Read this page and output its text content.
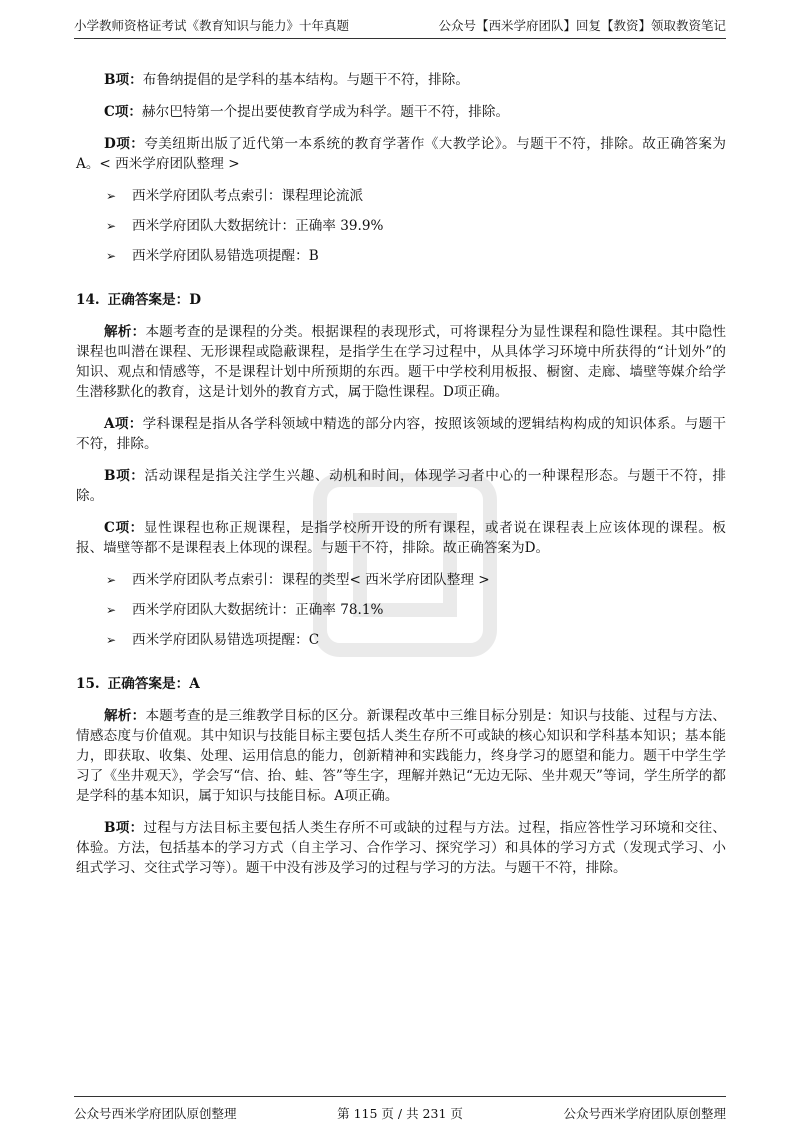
小学教师资格证考试《教育知识与能力》十年真题	公众号【西米学府团队】回复【教资】领取教资笔记

B项：布鲁纳提倡的是学科的基本结构。与题干不符，排除。

C项：赫尔巴特第一个提出要使教育学成为科学。题干不符，排除。

D项：夸美纽斯出版了近代第一本系统的教育学著作《大教学论》。与题干不符，排除。故正确答案为A。< 西米学府团队整理 >

➢ 西米学府团队考点索引：课程理论流派
➢ 西米学府团队大数据统计：正确率 39.9%
➢ 西米学府团队易错选项提醒：B
14. 正确答案是：D

解析：本题考查的是课程的分类。根据课程的表现形式，可将课程分为显性课程和隐性课程。其中隐性课程也叫潜在课程、无形课程或隐蔽课程，是指学生在学习过程中，从具体学习环境中所获得的“计划外”的知识、观点和情感等，不是课程计划中所预期的东西。题干中学校利用板报、橱窗、走廊、墙壁等媒介给学生潜移默化的教育，这是计划外的教育方式，属于隐性课程。D项正确。

A项：学科课程是指从各学科领域中精选的部分内容，按照该领域的逻辑结构构成的知识体系。与题干不符，排除。

B项：活动课程是指关注学生兴趣、动机和时间，体现学习者中心的一种课程形态。与题干不符，排除。

C项：显性课程也称正规课程，是指学校所开设的所有课程，或者说在课程表上应该体现的课程。板报、墙壁等都不是课程表上体现的课程。与题干不符，排除。故正确答案为D。

➢ 西米学府团队考点索引：课程的类型< 西米学府团队整理 >
➢ 西米学府团队大数据统计：正确率 78.1%
➢ 西米学府团队易错选项提醒：C
15. 正确答案是：A

解析：本题考查的是三维教学目标的区分。新课程改革中三维目标分别是：知识与技能、过程与方法、情感态度与价值观。其中知识与技能目标主要包括人类生存所不可或缺的核心知识和学科基本知识；基本能力，即获取、收集、处理、运用信息的能力，创新精神和实践能力，终身学习的愿望和能力。题干中学生学习了《坐井观天》，学会写“信、抬、蛙、答”等生字，理解并熟记“无边无际、坐井观天”等词，学生所学的都是学科的基本知识，属于知识与技能目标。A项正确。

B项：过程与方法目标主要包括人类生存所不可或缺的过程与方法。过程，指应答性学习环境和交往、体验。方法，包括基本的学习方式（自主学习、合作学习、探究学习）和具体的学习方式（发现式学习、小组式学习、交往式学习等）。题干中没有涉及学习的过程与学习的方法。与题干不符，排除。

公众号西米学府团队原创整理	第 115 页 / 共 231 页	公众号西米学府团队原创整理
